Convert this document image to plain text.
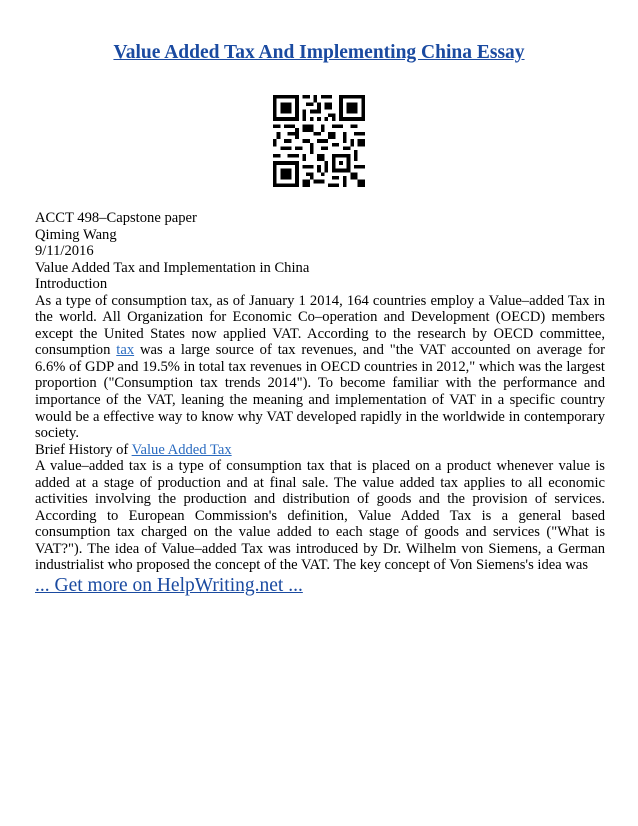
Value Added Tax And Implementing China Essay

ACCT 498–Capstone paper

Qiming Wang

9/11/2016

Value Added Tax and Implementation in China

Introduction

As a type of consumption tax, as of January 1 2014, 164 countries employ a Value–added Tax in the world. All Organization for Economic Co–operation and Development (OECD) members except the United States now applied VAT. According to the research by OECD committee, consumption tax was a large source of tax revenues, and "the VAT accounted on average for 6.6% of GDP and 19.5% in total tax revenues in OECD countries in 2012," which was the largest proportion ("Consumption tax trends 2014"). To become familiar with the performance and importance of the VAT, leaning the meaning and implementation of VAT in a specific country would be a effective way to know why VAT developed rapidly in the worldwide in contemporary society.

Brief History of Value Added Tax

A value–added tax is a type of consumption tax that is placed on a product whenever value is added at a stage of production and at final sale. The value added tax applies to all economic activities involving the production and distribution of goods and the provision of services. According to European Commission's definition, Value Added Tax is a general based consumption tax charged on the value added to each stage of goods and services ("What is VAT?"). The idea of Value–added Tax was introduced by Dr. Wilhelm von Siemens, a German industrialist who proposed the concept of the VAT. The key concept of Von Siemens's idea was

... Get more on HelpWriting.net ...
